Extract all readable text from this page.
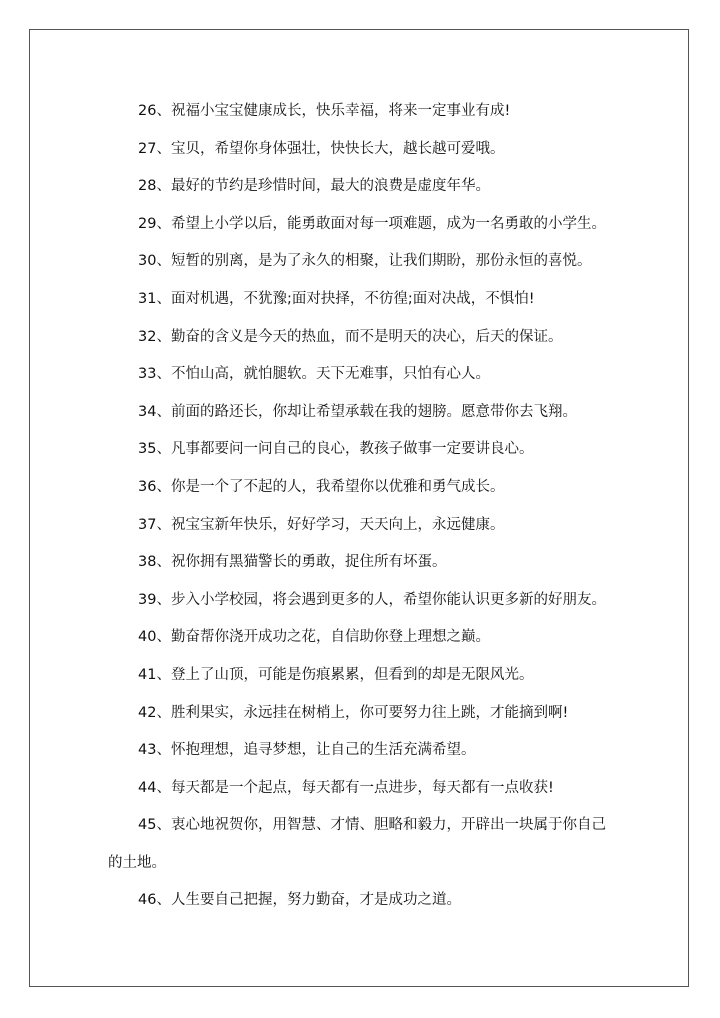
26、祝福小宝宝健康成长，快乐幸福，将来一定事业有成!

27、宝贝，希望你身体强壮，快快长大，越长越可爱哦。

28、最好的节约是珍惜时间，最大的浪费是虚度年华。

29、希望上小学以后，能勇敢面对每一项难题，成为一名勇敢的小学生。

30、短暂的别离，是为了永久的相聚，让我们期盼，那份永恒的喜悦。

31、面对机遇，不犹豫;面对抉择，不彷徨;面对决战，不惧怕!

32、勤奋的含义是今天的热血，而不是明天的决心，后天的保证。

33、不怕山高，就怕腿软。天下无难事，只怕有心人。

34、前面的路还长，你却让希望承载在我的翅膀。愿意带你去飞翔。

35、凡事都要问一问自己的良心，教孩子做事一定要讲良心。

36、你是一个了不起的人，我希望你以优雅和勇气成长。

37、祝宝宝新年快乐，好好学习，天天向上，永远健康。

38、祝你拥有黑猫警长的勇敢，捉住所有坏蛋。

39、步入小学校园，将会遇到更多的人，希望你能认识更多新的好朋友。

40、勤奋帮你浇开成功之花，自信助你登上理想之巅。

41、登上了山顶，可能是伤痕累累，但看到的却是无限风光。

42、胜利果实，永远挂在树梢上，你可要努力往上跳，才能摘到啊!

43、怀抱理想，追寻梦想，让自己的生活充满希望。

44、每天都是一个起点，每天都有一点进步，每天都有一点收获!

45、衷心地祝贺你，用智慧、才情、胆略和毅力，开辟出一块属于你自己的土地。

46、人生要自己把握，努力勤奋，才是成功之道。
